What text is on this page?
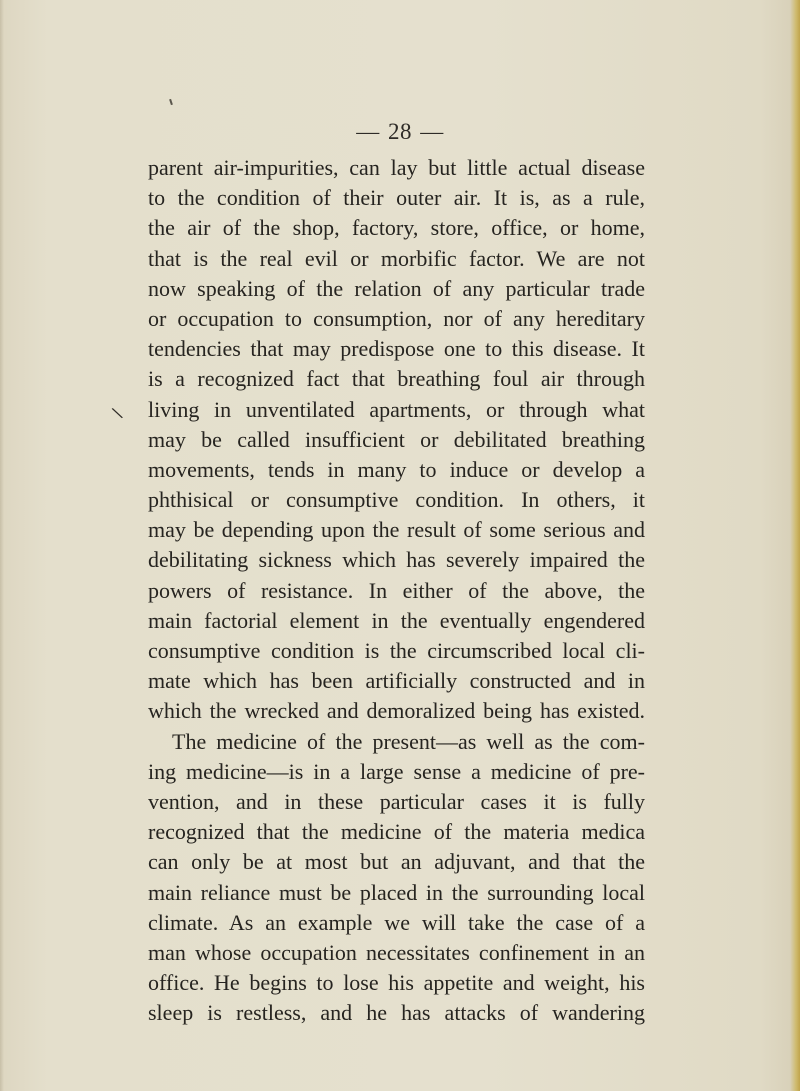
\
— 28 —
parent air-impurities, can lay but little actual disease
to the condition of their outer air. It is, as a rule,
the air of the shop, factory, store, office, or home,
that is the real evil or morbific factor. We are not
now speaking of the relation of any particular trade
or occupation to consumption, nor of any hereditary
tendencies that may predispose one to this disease. It
is a recognized fact that breathing foul air through
living in unventilated apartments, or through what
may be called insufficient or debilitated breathing
movements, tends in many to induce or develop a
phthisical or consumptive condition. In others, it
may be depending upon the result of some serious and
debilitating sickness which has severely impaired the
powers of resistance. In either of the above, the
main factorial element in the eventually engendered
consumptive condition is the circumscribed local cli-
mate which has been artificially constructed and in
which the wrecked and demoralized being has existed.
The medicine of the present—as well as the com-
ing medicine—is in a large sense a medicine of pre-
vention, and in these particular cases it is fully
recognized that the medicine of the materia medica
can only be at most but an adjuvant, and that the
main reliance must be placed in the surrounding local
climate. As an example we will take the case of a
man whose occupation necessitates confinement in an
office. He begins to lose his appetite and weight, his
sleep is restless, and he has attacks of wandering
